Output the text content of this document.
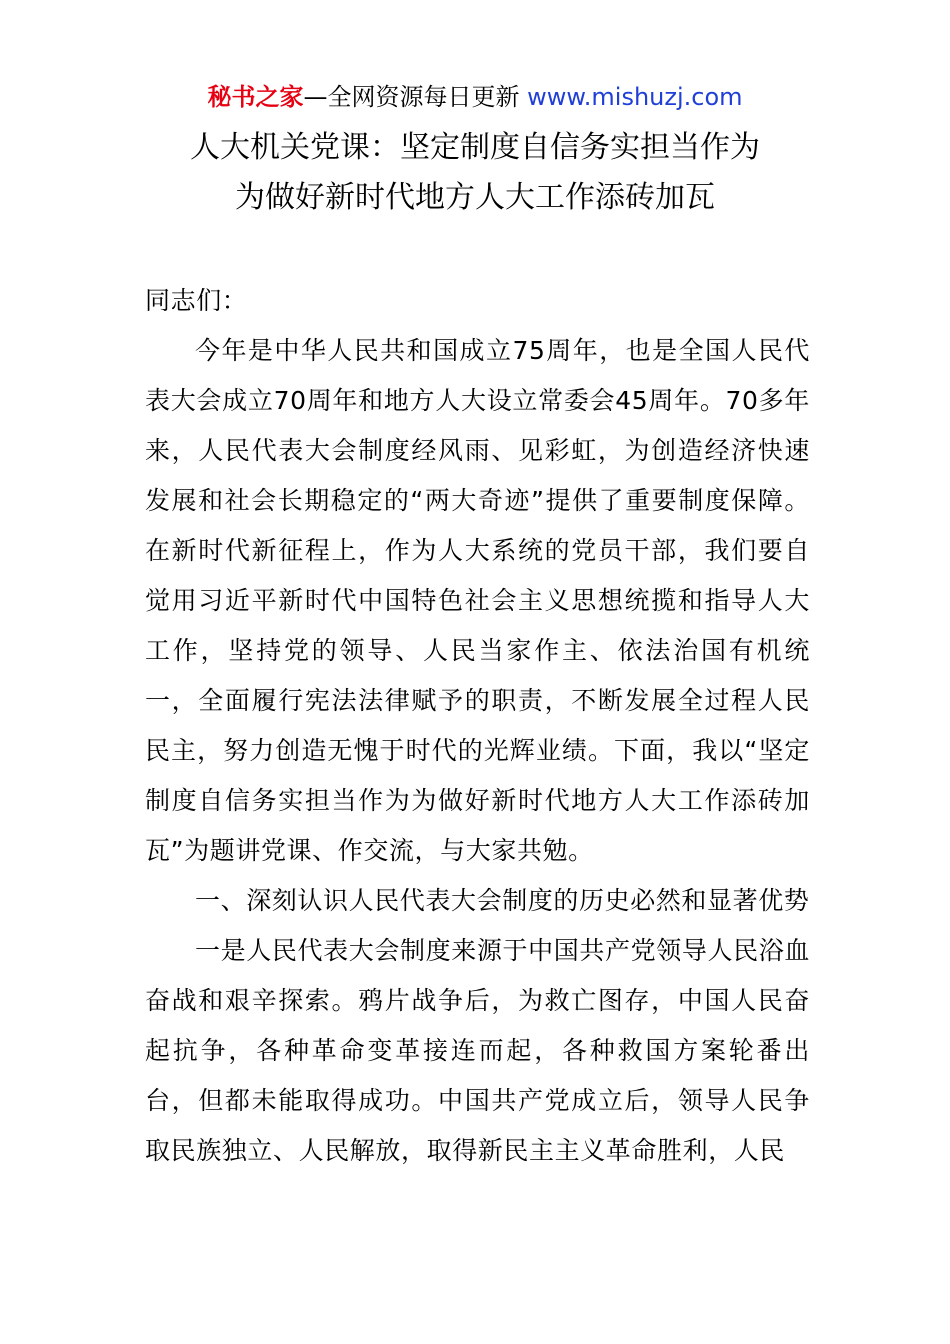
秘书之家—全网资源每日更新 www.mishuzj.com
人大机关党课：坚定制度自信务实担当作为
为做好新时代地方人大工作添砖加瓦

同志们：

今年是中华人民共和国成立75周年，也是全国人民代表大会成立70周年和地方人大设立常委会45周年。70多年来，人民代表大会制度经风雨、见彩虹，为创造经济快速发展和社会长期稳定的“两大奇迹”提供了重要制度保障。在新时代新征程上，作为人大系统的党员干部，我们要自觉用习近平新时代中国特色社会主义思想统揽和指导人大工作，坚持党的领导、人民当家作主、依法治国有机统一，全面履行宪法法律赋予的职责，不断发展全过程人民民主，努力创造无愧于时代的光辉业绩。下面，我以“坚定制度自信务实担当作为为做好新时代地方人大工作添砖加瓦”为题讲党课、作交流，与大家共勉。

一、深刻认识人民代表大会制度的历史必然和显著优势

一是人民代表大会制度来源于中国共产党领导人民浴血奋战和艰辛探索。鸦片战争后，为救亡图存，中国人民奋起抗争，各种革命变革接连而起，各种救国方案轮番出台，但都未能取得成功。中国共产党成立后，领导人民争取民族独立、人民解放，取得新民主主义革命胜利，人民
